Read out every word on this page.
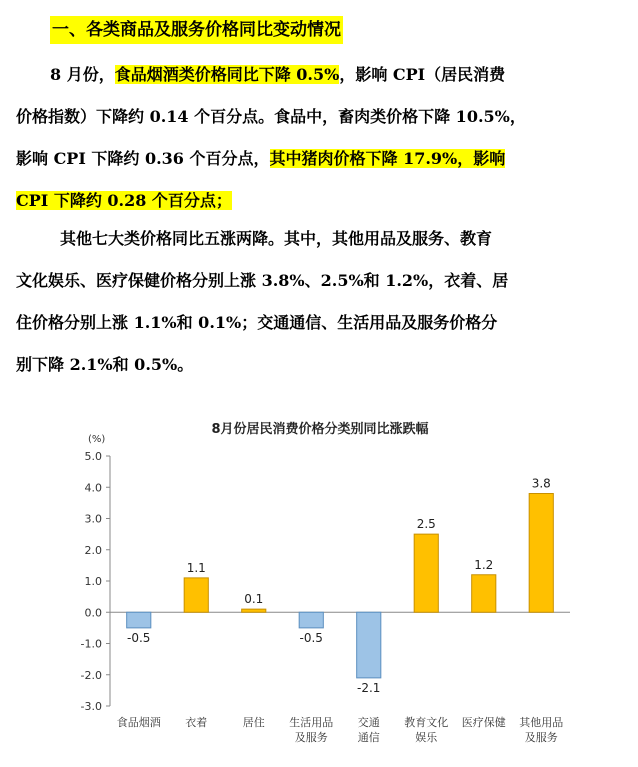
一、各类商品及服务价格同比变动情况
8 月份，食品烟酒类价格同比下降 0.5%，影响 CPI（居民消费
价格指数）下降约 0.14 个百分点。食品中，畜肉类价格下降 10.5%，
影响 CPI 下降约 0.36 个百分点，其中猪肉价格下降 17.9%，影响
CPI 下降约 0.28 个百分点；
其他七大类价格同比五涨两降。其中，其他用品及服务、教育
文化娱乐、医疗保健价格分别上涨 3.8%、2.5%和 1.2%，衣着、居
住价格分别上涨 1.1%和 0.1%；交通通信、生活用品及服务价格分
别下降 2.1%和 0.5%。
8月份居民消费价格分类别同比涨跌幅
(%)
5.0
4.0
3.0
2.0
1.0
0.0
-1.0
-2.0
-3.0
-0.5
食品烟酒
1.1
衣着
0.1
居住
-0.5
生活用品
及服务
-2.1
交通
通信
2.5
教育文化
娱乐
1.2
医疗保健
3.8
其他用品
及服务
